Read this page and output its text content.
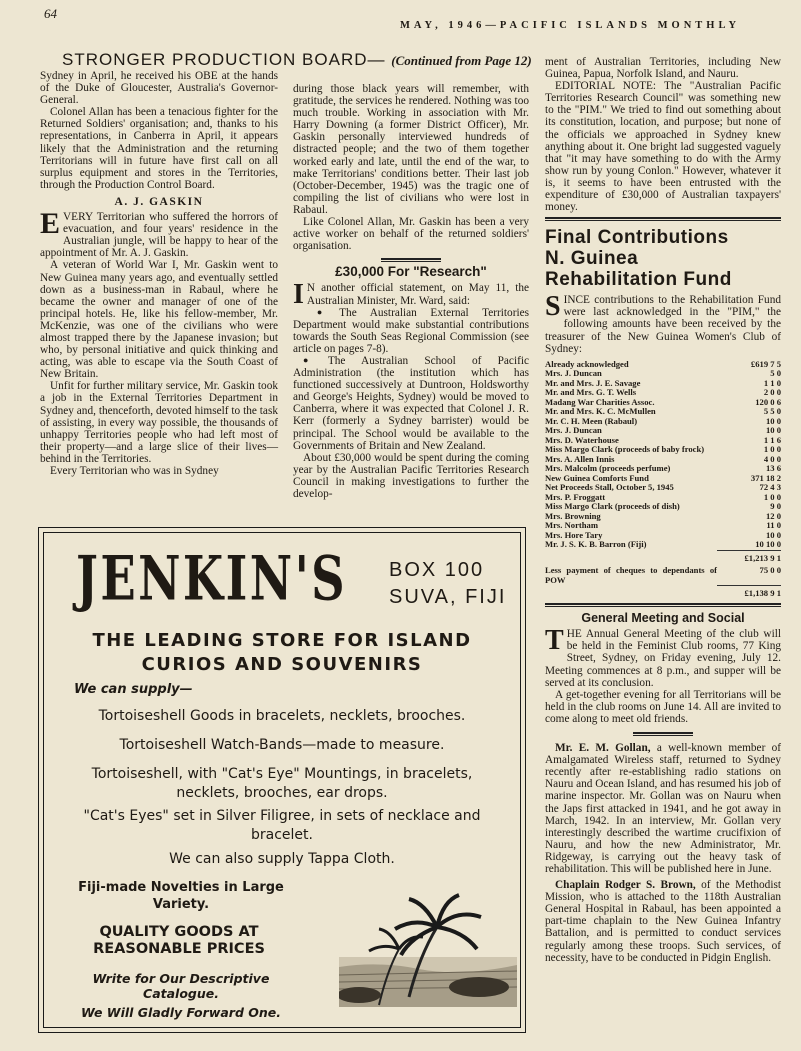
64
MAY, 1946—PACIFIC ISLANDS MONTHLY
STRONGER PRODUCTION BOARD— (Continued from Page 12)

Sydney in April, he received his OBE at the hands of the Duke of Gloucester, Australia's Governor-General.

Colonel Allan has been a tenacious fighter for the Returned Soldiers' organisation; and, thanks to his representations, in Canberra in April, it appears likely that the Administration and the returning Territorians will in future have first call on all surplus equipment and stores in the Territories, through the Production Control Board.

A. J. GASKIN

EVERY Territorian who suffered the horrors of evacuation, and four years' residence in the Australian jungle, will be happy to hear of the appointment of Mr. A. J. Gaskin.

A veteran of World War I, Mr. Gaskin went to New Guinea many years ago, and eventually settled down as a business-man in Rabaul, where he became the owner and manager of one of the principal hotels. He, like his fellow-member, Mr. McKenzie, was one of the civilians who were almost trapped there by the Japanese invasion; but who, by personal initiative and quick thinking and acting, was able to escape via the South Coast of New Britain.

Unfit for further military service, Mr. Gaskin took a job in the External Territories Department in Sydney and, thenceforth, devoted himself to the task of assisting, in every way possible, the thousands of unhappy Territories people who had left most of their property—and a large slice of their lives—behind in the Territories.

Every Territorian who was in Sydney

during those black years will remember, with gratitude, the services he rendered. Nothing was too much trouble. Working in association with Mr. Harry Downing (a former District Officer), Mr. Gaskin personally interviewed hundreds of distracted people; and the two of them together worked early and late, until the end of the war, to make Territorians' conditions better. Their last job (October-December, 1945) was the tragic one of compiling the list of civilians who were lost in Rabaul.

Like Colonel Allan, Mr. Gaskin has been a very active worker on behalf of the returned soldiers' organisation.

£30,000 For "Research"

I N another official statement, on May 11, the Australian Minister, Mr. Ward, said:

● The Australian External Territories Department would make substantial contributions towards the South Seas Regional Commission (see article on pages 7-8).

● The Australian School of Pacific Administration (the institution which has functioned successively at Duntroon, Holdsworthy and George's Heights, Sydney) would be moved to Canberra, where it was expected that Colonel J. R. Kerr (formerly a Sydney barrister) would be principal. The School would be available to the Governments of Britain and New Zealand.

About £30,000 would be spent during the coming year by the Australian Pacific Territories Research Council in making investigations to further the develop-

ment of Australian Territories, including New Guinea, Papua, Norfolk Island, and Nauru.

EDITORIAL NOTE: The "Australian Pacific Territories Research Council" was something new to the "PIM." We tried to find out something about its constitution, location, and purpose; but none of the officials we approached in Sydney knew anything about it. One bright lad suggested vaguely that "it may have something to do with the Army show run by young Conlon." However, whatever it is, it seems to have been entrusted with the expenditure of £30,000 of Australian taxpayers' money.

Final Contributions
N. Guinea
Rehabilitation Fund

SINCE contributions to the Rehabilitation Fund were last acknowledged in the "PIM," the following amounts have been received by the treasurer of the New Guinea Women's Club of Sydney:

Already acknowledged	£619 7 5
Mrs. J. Duncan	5 0
Mr. and Mrs. J. E. Savage	1 1 0
Mr. and Mrs. G. T. Wells	2 0 0
Madang War Charities Assoc.	120 0 6
Mr. and Mrs. K. C. McMullen	5 5 0
Mr. C. H. Meen (Rabaul)	10 0
Mrs. J. Duncan	10 0
Mrs. D. Waterhouse	1 1 6
Miss Margo Clark (proceeds of baby frock)	1 0 0
Mrs. A. Allen Innis	4 0 0
Mrs. Malcolm (proceeds perfume)	13 6
New Guinea Comforts Fund	371 18 2
Net Proceeds Stall, October 5, 1945	72 4 3
Mrs. P. Froggatt	1 0 0
Miss Margo Clark (proceeds of dish)	9 0
Mrs. Browning	12 0
Mrs. Northam	11 0
Mrs. Hore Tary	10 0
Mr. J. S. K. B. Barron (Fiji)	10 10 0
	£1,213 9 1
Less payment of cheques to dependants of POW	75 0 0
	£1,138 9 1
General Meeting and Social

THE Annual General Meeting of the club will be held in the Feminist Club rooms, 77 King Street, Sydney, on Friday evening, July 12. Meeting commences at 8 p.m., and supper will be served at its conclusion.

A get-together evening for all Territorians will be held in the club rooms on June 14. All are invited to come along to meet old friends.

Mr. E. M. Gollan, a well-known member of Amalgamated Wireless staff, returned to Sydney recently after re-establishing radio stations on Nauru and Ocean Island, and has resumed his job of marine inspector. Mr. Gollan was on Nauru when the Japs first attacked in 1941, and he got away in March, 1942. In an interview, Mr. Gollan very interestingly described the wartime crucifixion of Nauru, and how the new Administrator, Mr. Ridgeway, is carrying out the heavy task of rehabilitation. This will be published here in June.

Chaplain Rodger S. Brown, of the Methodist Mission, who is attached to the 118th Australian General Hospital in Rabaul, has been appointed a part-time chaplain to the New Guinea Infantry Battalion, and is permitted to conduct services regularly among these troops. Such services, of necessity, have to be conducted in Pidgin English.

JENKIN'S BOX 100
SUVA, FIJI
THE LEADING STORE FOR ISLAND
CURIOS AND SOUVENIRS
We can supply—
Tortoiseshell Goods in bracelets, necklets, brooches.
Tortoiseshell Watch-Bands—made to measure.
Tortoiseshell, with "Cat's Eye" Mountings, in bracelets,
necklets, brooches, ear drops.
"Cat's Eyes" set in Silver Filigree, in sets of necklace and
bracelet.
We can also supply Tappa Cloth.
Fiji-made Novelties in Large
Variety.
QUALITY GOODS AT
REASONABLE PRICES
Write for Our Descriptive
Catalogue.
We Will Gladly Forward One.
